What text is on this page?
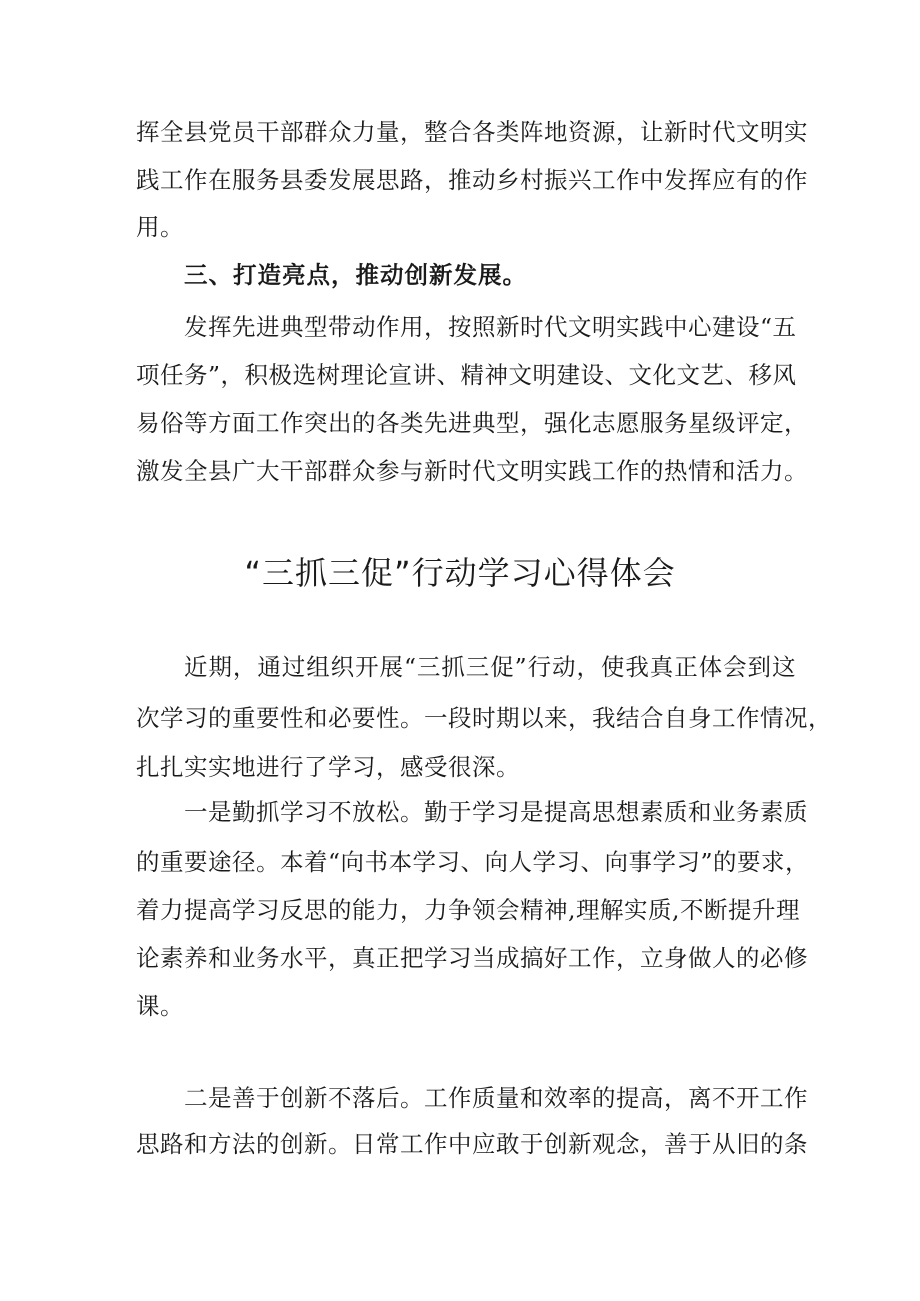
挥全县党员干部群众力量，整合各类阵地资源，让新时代文明实
践工作在服务县委发展思路，推动乡村振兴工作中发挥应有的作
用。
三、打造亮点，推动创新发展。
发挥先进典型带动作用，按照新时代文明实践中心建设“五
项任务”，积极选树理论宣讲、精神文明建设、文化文艺、移风
易俗等方面工作突出的各类先进典型，强化志愿服务星级评定，
激发全县广大干部群众参与新时代文明实践工作的热情和活力。
“三抓三促”行动学习心得体会
近期，通过组织开展“三抓三促”行动，使我真正体会到这
次学习的重要性和必要性。一段时期以来，我结合自身工作情况，
扎扎实实地进行了学习，感受很深。
一是勤抓学习不放松。勤于学习是提高思想素质和业务素质
的重要途径。本着“向书本学习、向人学习、向事学习”的要求，
着力提高学习反思的能力，力争领会精神,理解实质,不断提升理
论素养和业务水平，真正把学习当成搞好工作，立身做人的必修
课。
二是善于创新不落后。工作质量和效率的提高，离不开工作
思路和方法的创新。日常工作中应敢于创新观念，善于从旧的条
